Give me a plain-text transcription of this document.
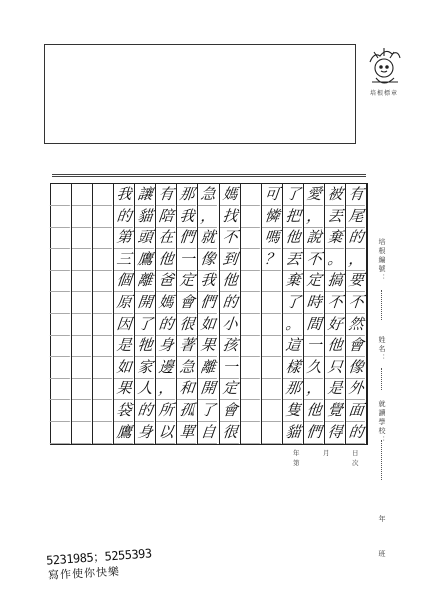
培根標章
有
尾
的
，
要
不
然
會
像
外
面
的
被
丟
棄
。
搞
不
好
他
只
是
覺
得
愛
，
說
不
定
時
間
一
久
，
他
們
了
把
他
丟
棄
了
。
這
樣
那
隻
貓
可
憐
嗎
？
媽
找
不
到
他
的
小
孩
一
定
會
很
急
，
就
像
我
們
如
果
離
開
了
自
那
我
們
一
定
會
很
著
急
和
孤
單
有
陪
在
他
爸
媽
的
身
邊
，
所
以
讓
貓
頭
鷹
離
開
了
牠
家
人
的
身
我
的
第
三
個
原
因
是
如
果
袋
鷹
培根編號：
姓名：
就讀學校：
年
班
年	月	日
第	次
5231985；5255393
寫作使你快樂
